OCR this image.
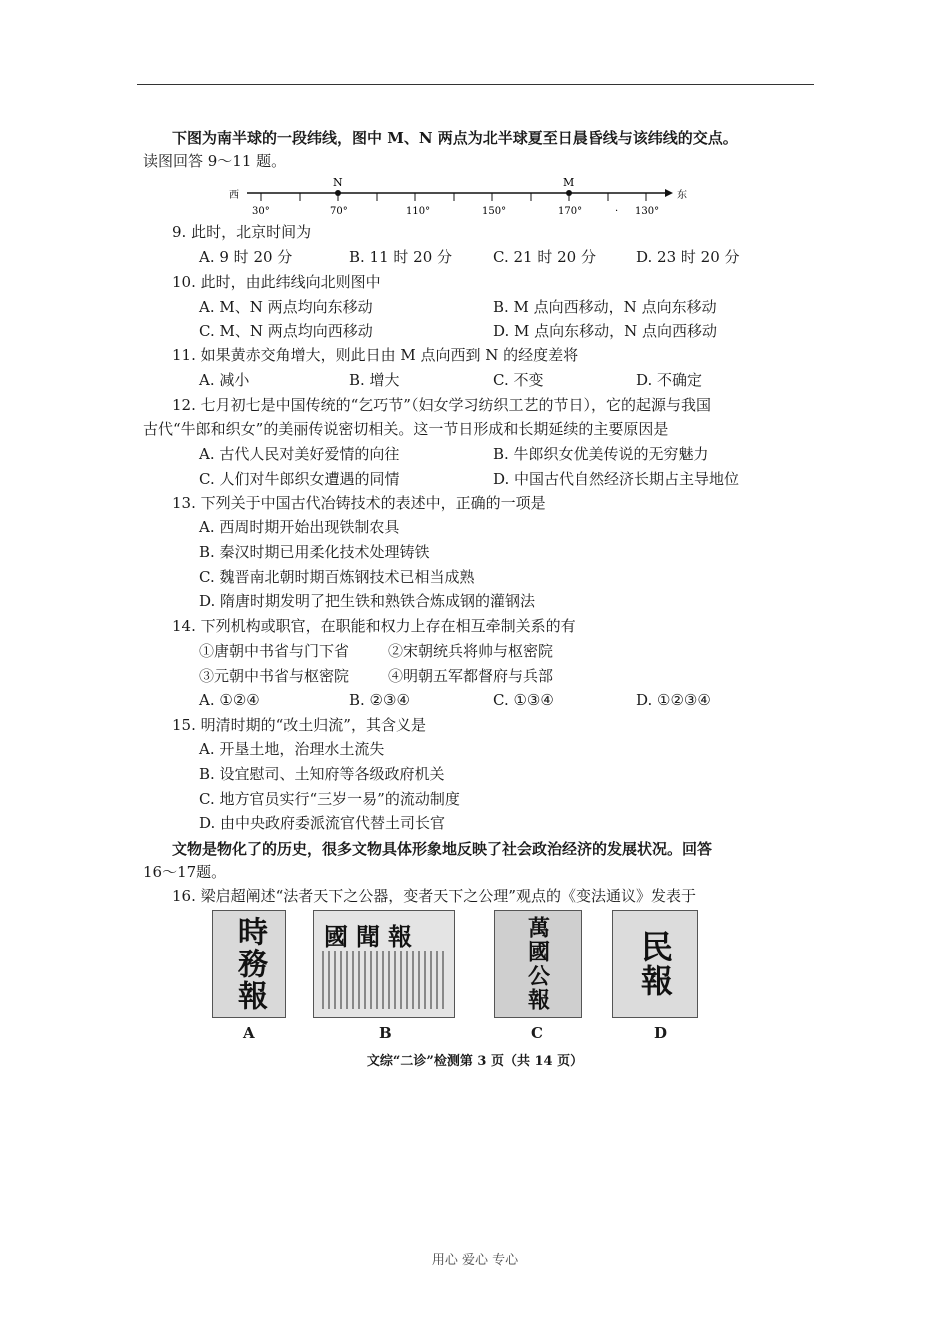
下图为南半球的一段纬线，图中 M、N 两点为北半球夏至日晨昏线与该纬线的交点。
读图回答 9～11 题。
西	东
N	M
30°	70°	110°	150°	170°	· 130°
9. 此时，北京时间为
A. 9 时 20 分	B. 11 时 20 分	C. 21 时 20 分	D. 23 时 20 分
10. 此时，由此纬线向北则图中
A. M、N 两点均向东移动	B. M 点向西移动，N 点向东移动
C. M、N 两点均向西移动	D. M 点向东移动，N 点向西移动
11. 如果黄赤交角增大，则此日由 M 点向西到 N 的经度差将
A. 减小	B. 增大	C. 不变	D. 不确定
12. 七月初七是中国传统的“乞巧节”（妇女学习纺织工艺的节日），它的起源与我国
古代“牛郎和织女”的美丽传说密切相关。这一节日形成和长期延续的主要原因是
A. 古代人民对美好爱情的向往	B. 牛郎织女优美传说的无穷魅力
C. 人们对牛郎织女遭遇的同情	D. 中国古代自然经济长期占主导地位
13. 下列关于中国古代冶铸技术的表述中，正确的一项是
A. 西周时期开始出现铁制农具
B. 秦汉时期已用柔化技术处理铸铁
C. 魏晋南北朝时期百炼钢技术已相当成熟
D. 隋唐时期发明了把生铁和熟铁合炼成钢的灌钢法
14. 下列机构或职官，在职能和权力上存在相互牵制关系的有
①唐朝中书省与门下省	②宋朝统兵将帅与枢密院
③元朝中书省与枢密院	④明朝五军都督府与兵部
A. ①②④	B. ②③④	C. ①③④	D. ①②③④
15. 明清时期的“改土归流”，其含义是
A. 开垦土地，治理水土流失
B. 设宜慰司、土知府等各级政府机关
C. 地方官员实行“三岁一易”的流动制度
D. 由中央政府委派流官代替土司长官
文物是物化了的历史，很多文物具体形象地反映了社会政治经济的发展状况。回答
16～17题。
16. 梁启超阐述“法者天下之公器，变者天下之公理”观点的《变法通议》发表于
時務報 國聞報	萬國公報	民報
A	B	C	D
文综“二诊”检测第 3 页（共 14 页）
用心 爱心 专心
